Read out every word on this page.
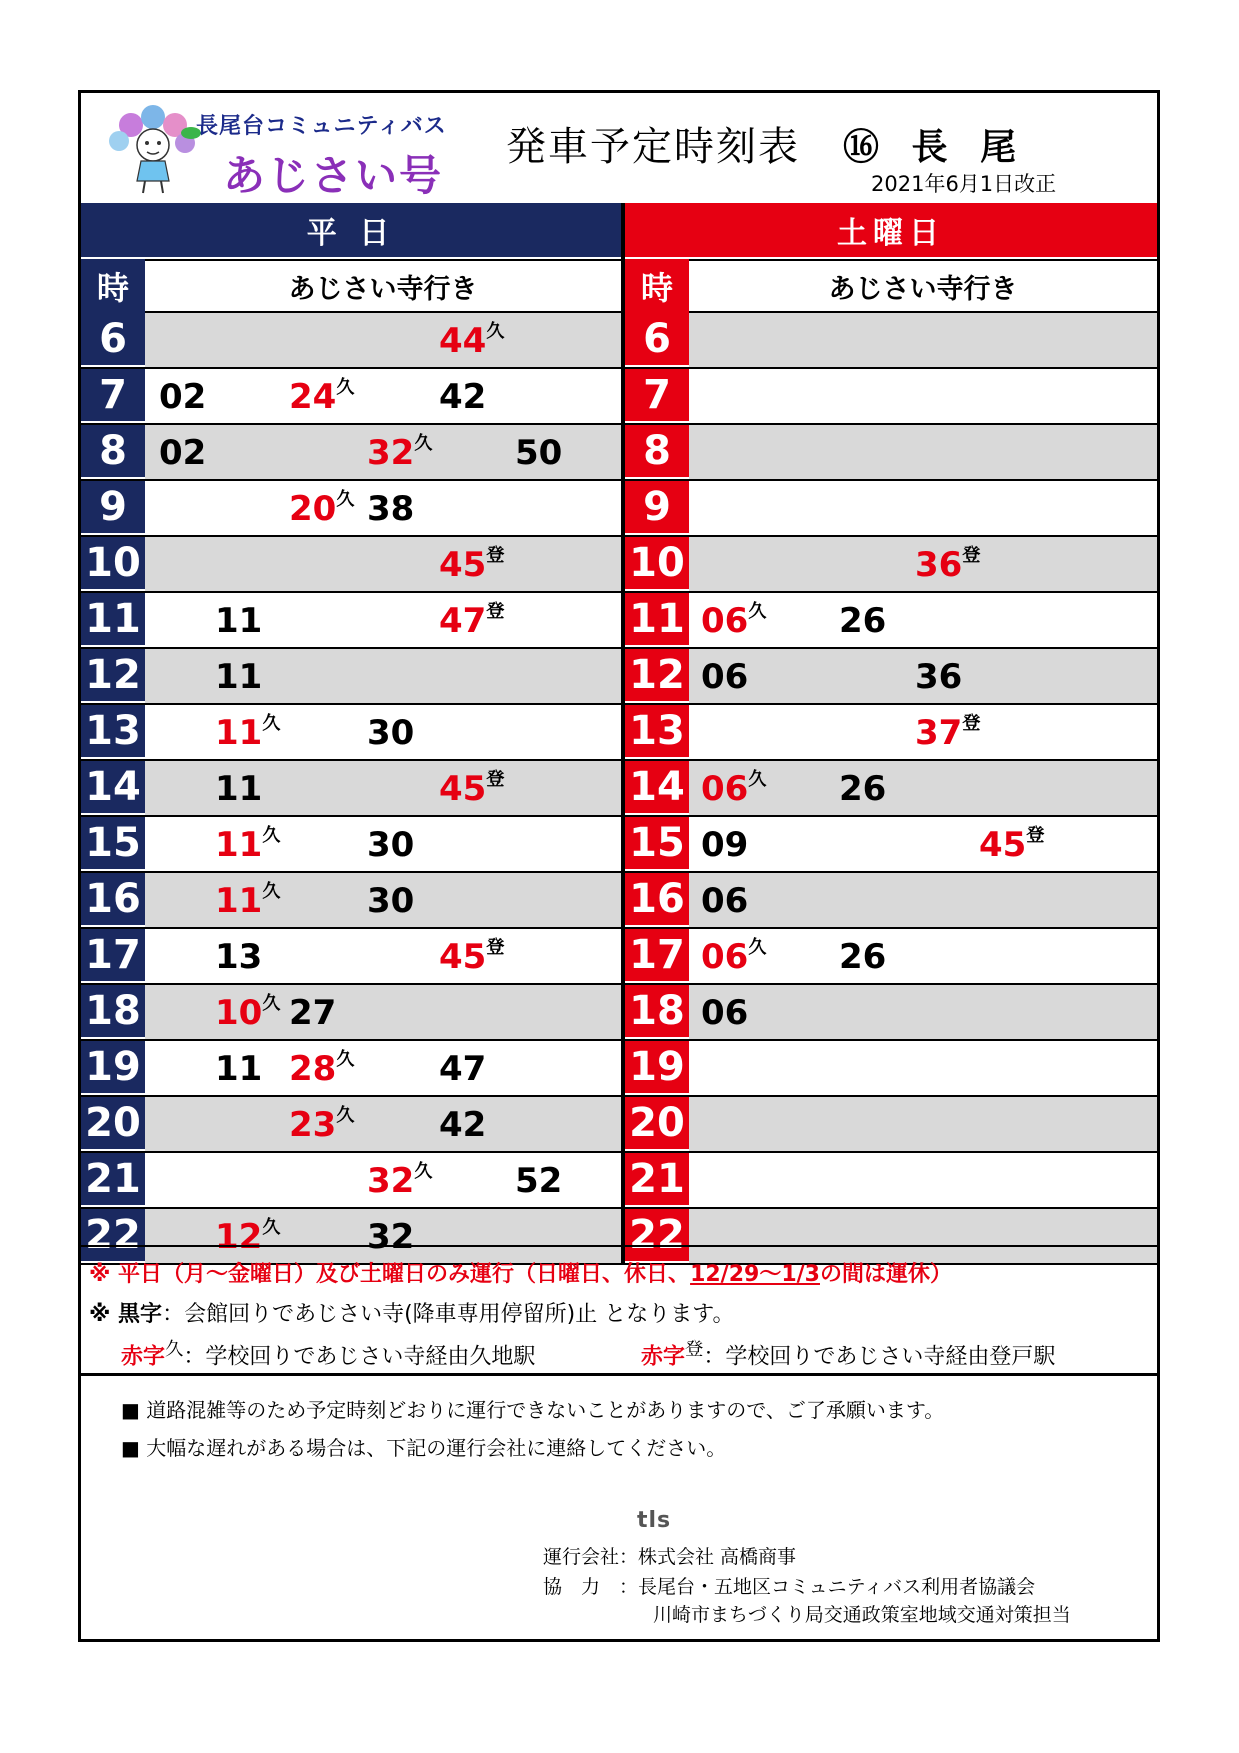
長尾台コミュニティバス
あじさい号
発車予定時刻表 ⑯ 長 尾
2021年6月1日改正
平 日	土曜日
時	あじさい寺行き	時	あじさい寺行き
6	$44^久$
7 02 $24^久$ 42
8 02	$32^久$ 50
9	$20^久$ 38
10	$45^登$
11 11	$47^登$
12 11
13 $11^久$	30
14 11	$45^登$
15 $11^久$	30
16 $11^久$	30
17 13	$45^登$
18 $10^久$ 27
19 11 $28^久$ 47
20	$23^久$ 42
21	$32^久$ 52
22 $12^久$	32
6
7
8
9
10	$36^登$
11 $06^久$ 26
12 06	36
13	$37^登$
14 $06^久$ 26
15 09	$45^登$
16 06
17 $06^久$ 26
18 06
19
20
21
22
※ 平日（月～金曜日）及び土曜日のみ運行（日曜日、休日、12/29～1/3の間は運休）
※ 黒字：会館回りであじさい寺(降車専用停留所)止 となります。
赤字$^久$：学校回りであじさい寺経由久地駅	赤字$^登$：学校回りであじさい寺経由登戸駅
■ 道路混雑等のため予定時刻どおりに運行できないことがありますので、ご了承願います。
■ 大幅な遅れがある場合は、下記の運行会社に連絡してください。
tls
運行会社：株式会社 高橋商事
協　力　：長尾台・五地区コミュニティバス利用者協議会
川崎市まちづくり局交通政策室地域交通対策担当
